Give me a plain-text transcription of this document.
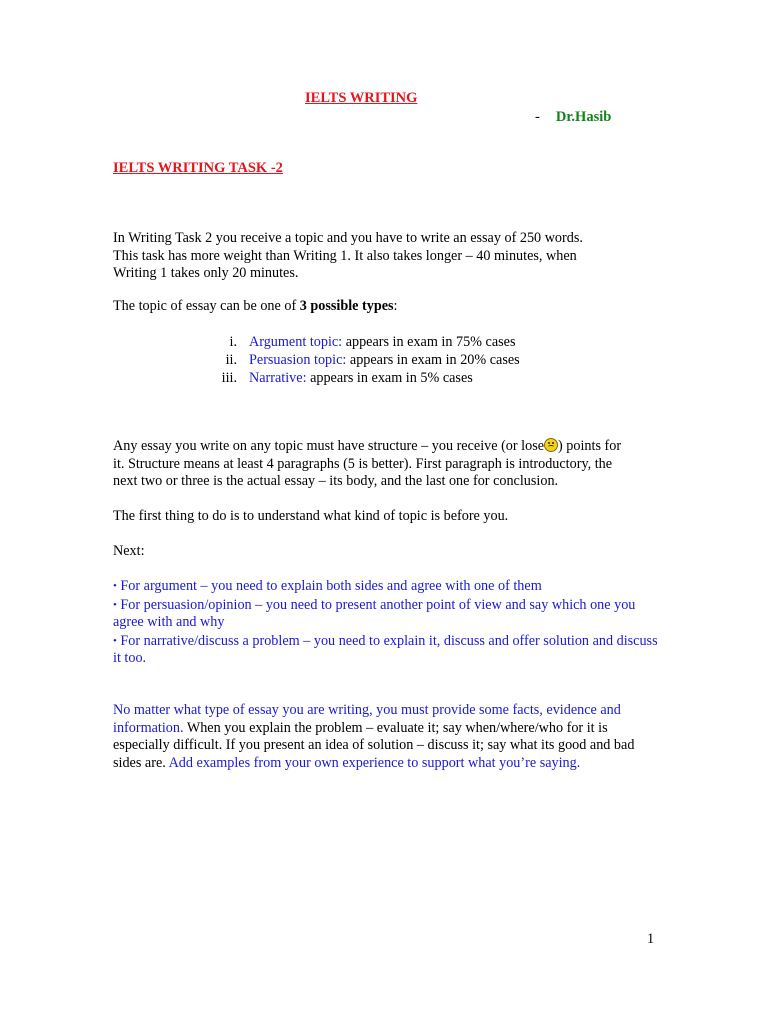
IELTS WRITING
- Dr.Hasib
IELTS WRITING TASK -2
In Writing Task 2 you receive a topic and you have to write an essay of 250 words.
This task has more weight than Writing 1. It also takes longer – 40 minutes, when
Writing 1 takes only 20 minutes.
The topic of essay can be one of 3 possible types:
i. Argument topic: appears in exam in 75% cases
ii. Persuasion topic: appears in exam in 20% cases
iii. Narrative: appears in exam in 5% cases
Any essay you write on any topic must have structure – you receive (or lose ) points for
it. Structure means at least 4 paragraphs (5 is better). First paragraph is introductory, the
next two or three is the actual essay – its body, and the last one for conclusion.
The first thing to do is to understand what kind of topic is before you.
Next:
• For argument – you need to explain both sides and agree with one of them
• For persuasion/opinion – you need to present another point of view and say which one you agree with and why
• For narrative/discuss a problem – you need to explain it, discuss and offer solution and discuss it too.
No matter what type of essay you are writing, you must provide some facts, evidence and information. When you explain the problem – evaluate it; say when/where/who for it is especially difficult. If you present an idea of solution – discuss it; say what its good and bad sides are. Add examples from your own experience to support what you’re saying.
1
